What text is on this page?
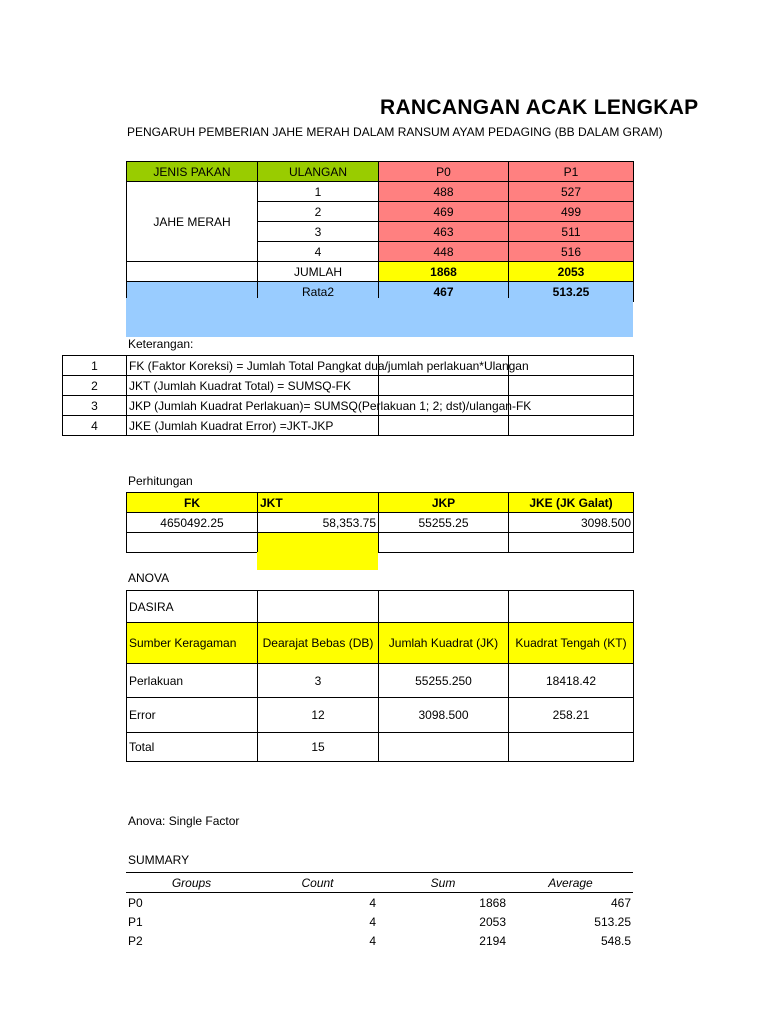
RANCANGAN ACAK LENGKAP
PENGARUH PEMBERIAN JAHE MERAH DALAM RANSUM AYAM PEDAGING (BB DALAM GRAM)
JENIS PAKAN	ULANGAN	P0	P1
JAHE MERAH	1	488	527
	2	469	499
	3	463	511
	4	448	516
	JUMLAH	1868	2053
	Rata2	467	513.25
Keterangan:
1	FK (Faktor Koreksi) = Jumlah Total Pangkat dua/jumlah perlakuan*Ulangan		
2	JKT (Jumlah Kuadrat Total) = SUMSQ-FK		
3	JKP (Jumlah Kuadrat Perlakuan)= SUMSQ(Perlakuan 1; 2; dst)/ulangan-FK		
4	JKE (Jumlah Kuadrat Error) =JKT-JKP		
Perhitungan
FK	JKT	JKP	JKE (JK Galat)
4650492.25	58,353.75	55255.25	3098.500

ANOVA
DASIRA			
Sumber Keragaman	Dearajat Bebas (DB)	Jumlah Kuadrat (JK)	Kuadrat Tengah (KT)
Perlakuan	3	55255.250	18418.42
Error	12	3098.500	258.21
Total	15		
Anova: Single Factor
SUMMARY
Groups	Count	Sum	Average
P0	4	1868	467
P1	4	2053	513.25
P2	4	2194	548.5
